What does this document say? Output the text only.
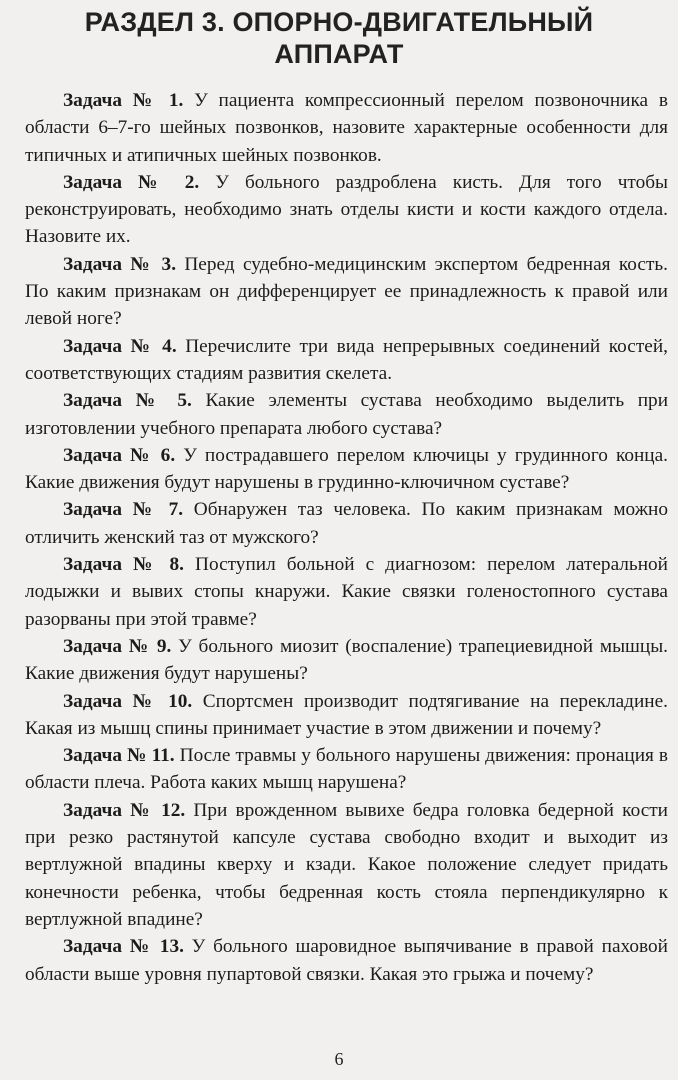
РАЗДЕЛ 3. ОПОРНО-ДВИГАТЕЛЬНЫЙ
АППАРАТ

Задача № 1. У пациента компрессионный перелом позвоночника в области 6–7-го шейных позвонков, назовите характерные особенности для типичных и атипичных шейных позвонков.

Задача № 2. У больного раздроблена кисть. Для того чтобы реконструировать, необходимо знать отделы кисти и кости каждого отдела. Назовите их.

Задача № 3. Перед судебно-медицинским экспертом бедренная кость. По каким признакам он дифференцирует ее принадлежность к правой или левой ноге?

Задача № 4. Перечислите три вида непрерывных соединений костей, соответствующих стадиям развития скелета.

Задача № 5. Какие элементы сустава необходимо выделить при изготовлении учебного препарата любого сустава?

Задача № 6. У пострадавшего перелом ключицы у грудинного конца. Какие движения будут нарушены в грудинно-ключичном суставе?

Задача № 7. Обнаружен таз человека. По каким признакам можно отличить женский таз от мужского?

Задача № 8. Поступил больной с диагнозом: перелом латеральной лодыжки и вывих стопы кнаружи. Какие связки голеностопного сустава разорваны при этой травме?

Задача № 9. У больного миозит (воспаление) трапециевидной мышцы. Какие движения будут нарушены?

Задача № 10. Спортсмен производит подтягивание на перекладине. Какая из мышц спины принимает участие в этом движении и почему?

Задача № 11. После травмы у больного нарушены движения: пронация в области плеча. Работа каких мышц нарушена?

Задача № 12. При врожденном вывихе бедра головка бедерной кости при резко растянутой капсуле сустава свободно входит и выходит из вертлужной впадины кверху и кзади. Какое положение следует придать конечности ребенка, чтобы бедренная кость стояла перпендикулярно к вертлужной впадине?

Задача № 13. У больного шаровидное выпячивание в правой паховой области выше уровня пупартовой связки. Какая это грыжа и почему?

6
